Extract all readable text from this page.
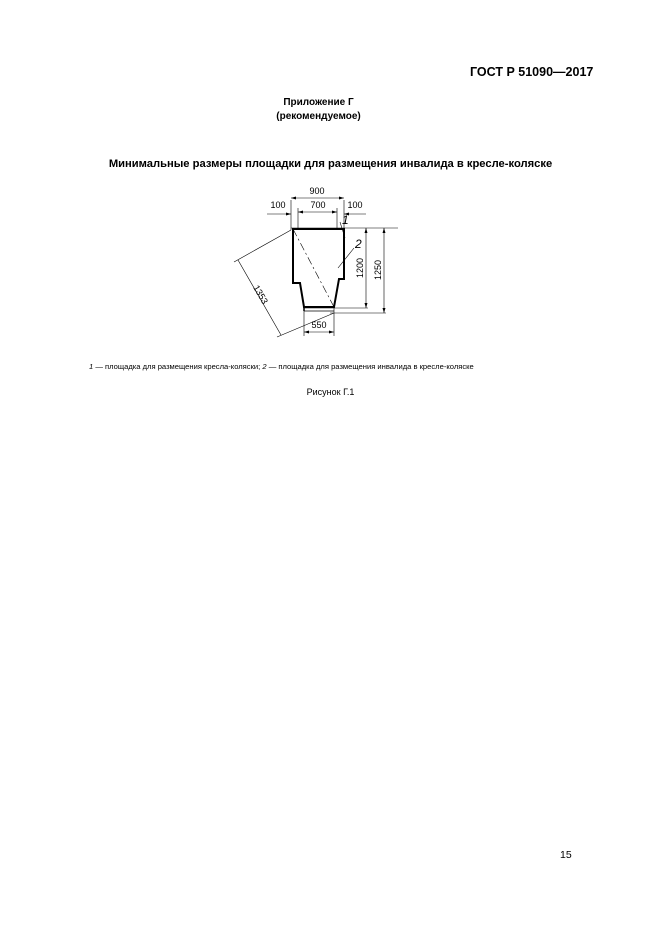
ГОСТ Р 51090—2017
Приложение Г
(рекомендуемое)
Минимальные размеры площадки для размещения инвалида в кресле-коляске
900
100	700 100
550
1200 1250
1353
1
2
1 — площадка для размещения кресла-коляски; 2 — площадка для размещения инвалида в кресле-коляске
Рисунок Г.1
15
